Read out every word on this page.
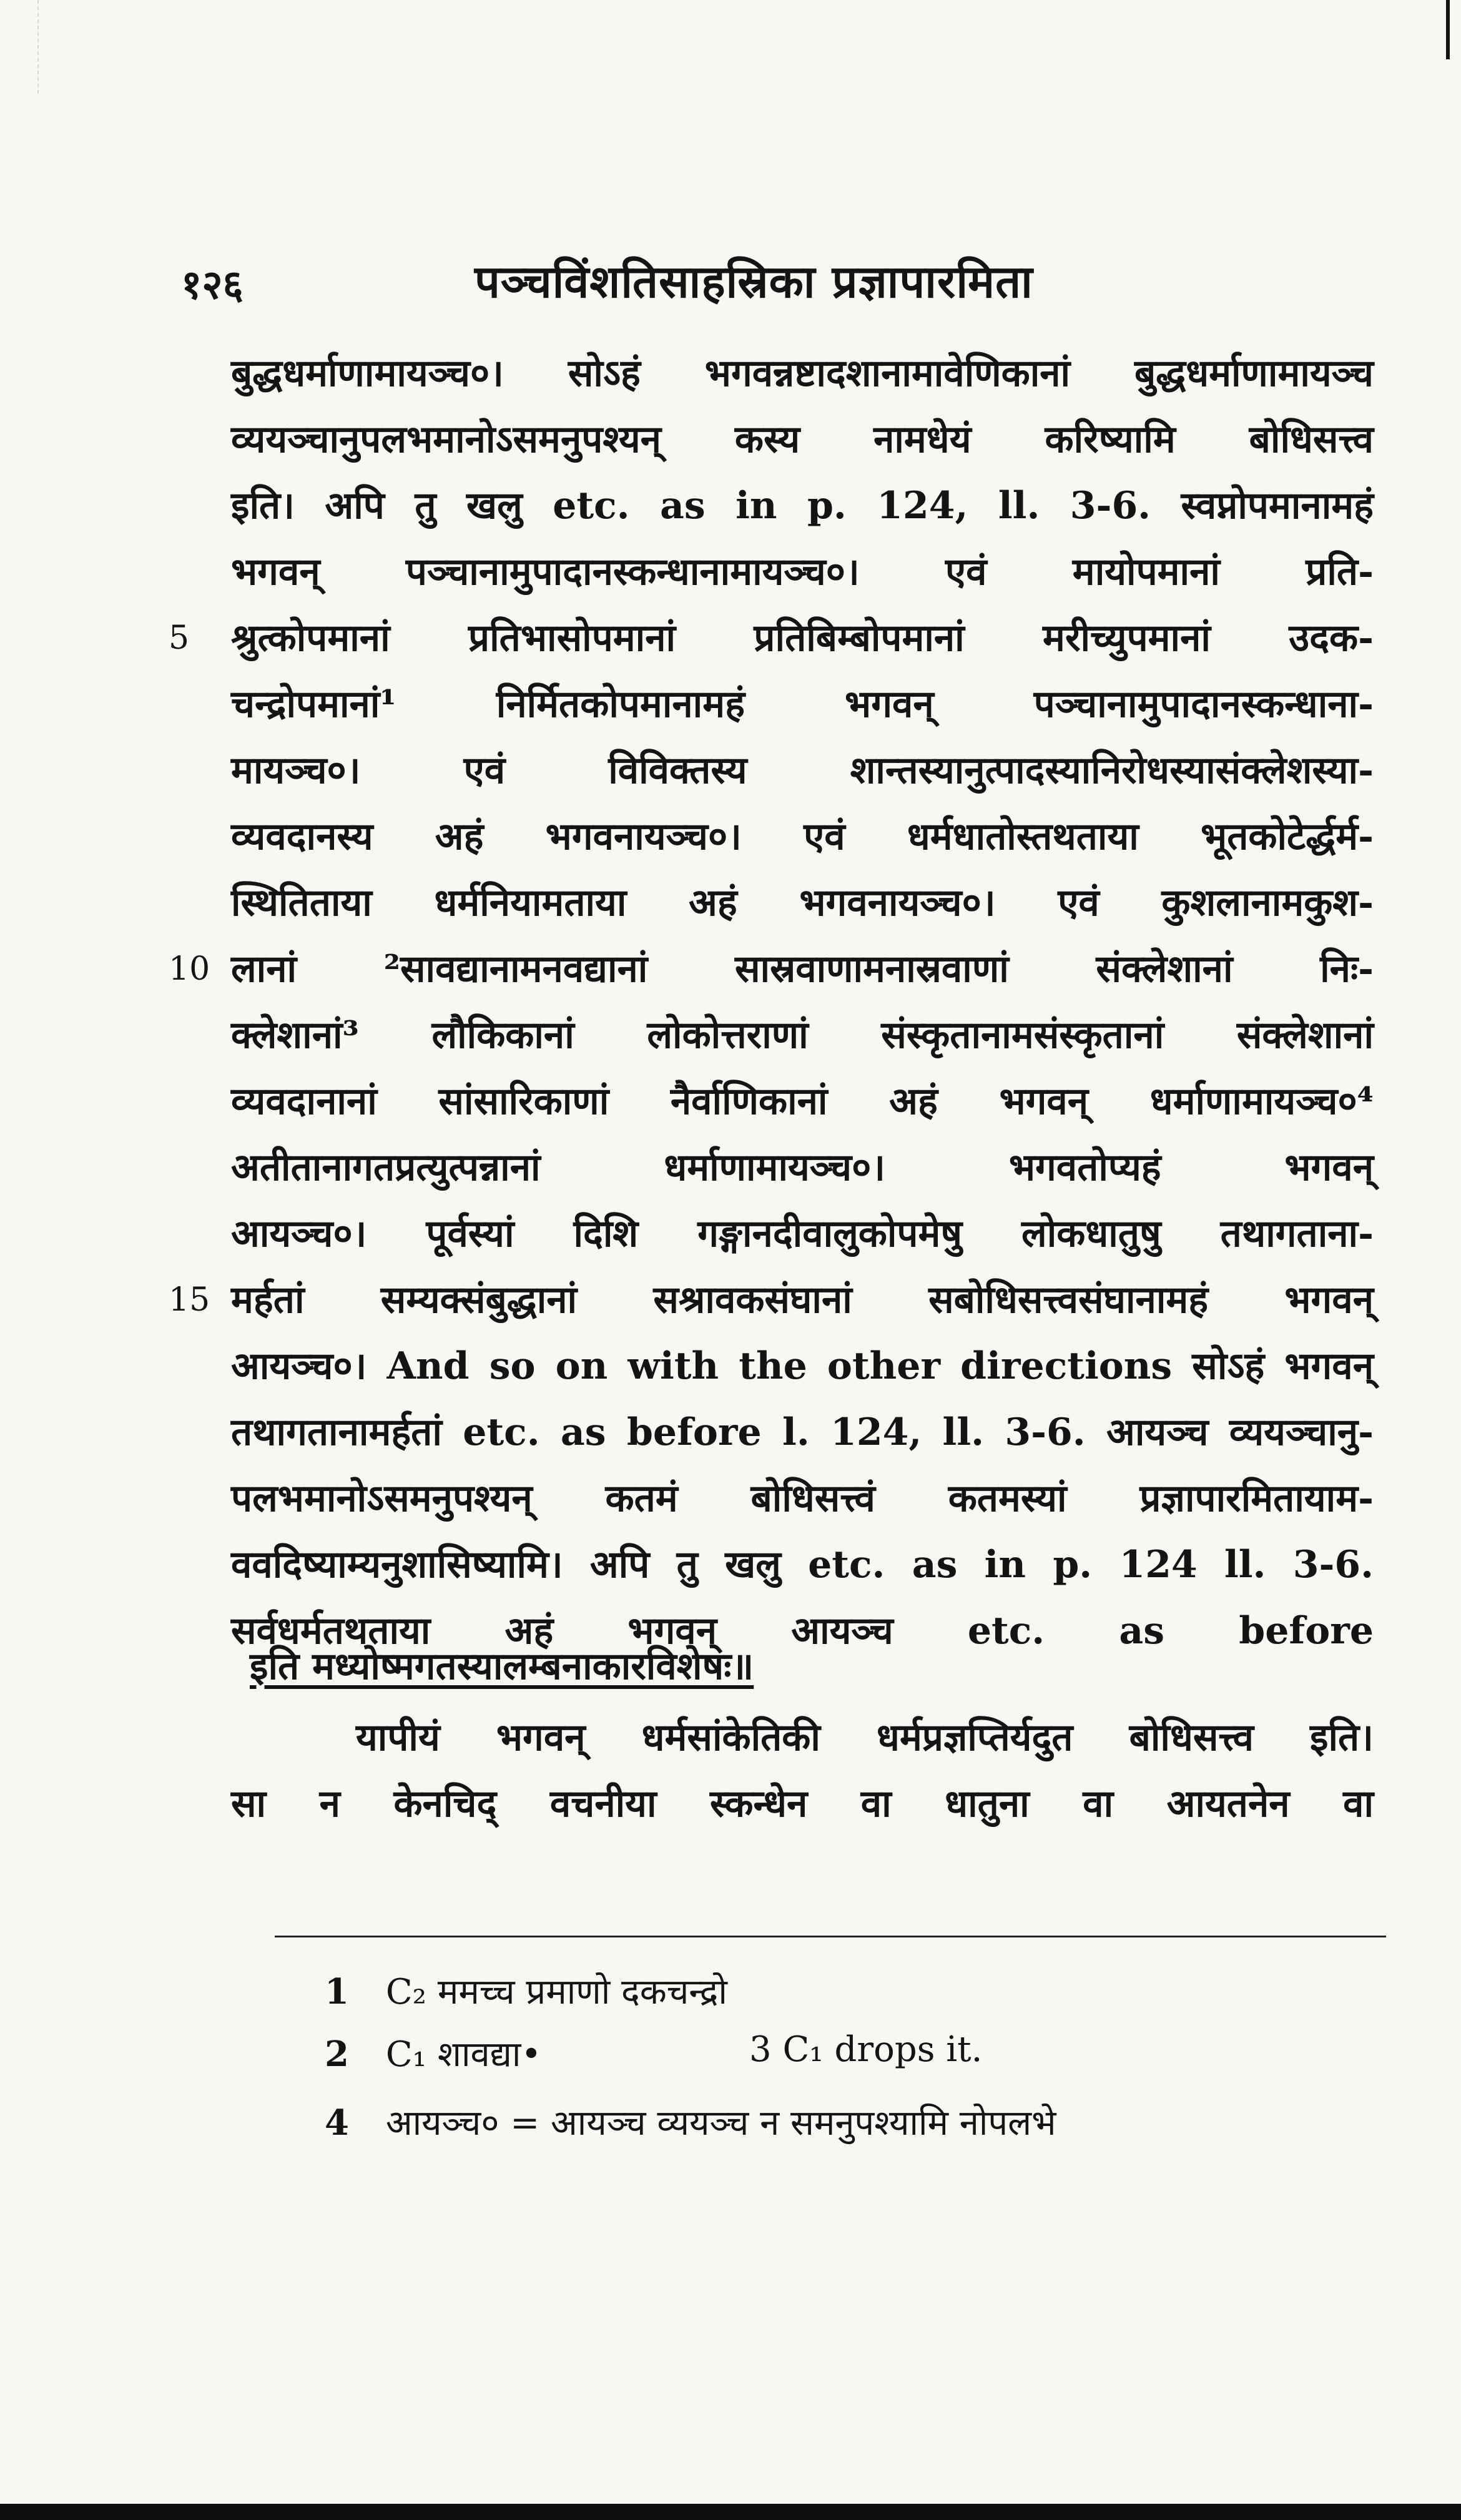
१२६	पञ्चविंशतिसाहस्रिका प्रज्ञापारमिता
बुद्धधर्माणामायञ्च०। सोऽहं भगवन्नष्टादशानामावेणिकानां बुद्धधर्माणामायञ्च
व्ययञ्चानुपलभमानोऽसमनुपश्यन् कस्य नामधेयं करिष्यामि बोधिसत्त्व
इति। अपि तु खलु etc. as in p. 124, ll. 3-6. स्वप्नोपमानामहं
भगवन् पञ्चानामुपादानस्कन्धानामायञ्च०। एवं मायोपमानां प्रति-
5 श्रुत्कोपमानां प्रतिभासोपमानां प्रतिबिम्बोपमानां मरीच्युपमानां उदक-
चन्द्रोपमानां¹ निर्मितकोपमानामहं भगवन् पञ्चानामुपादानस्कन्धाना-
मायञ्च०। एवं विविक्तस्य शान्तस्यानुत्पादस्यानिरोधस्यासंक्लेशस्या-
व्यवदानस्य अहं भगवनायञ्च०। एवं धर्मधातोस्तथताया भूतकोटेर्द्धर्म-
स्थितिताया धर्मनियामताया अहं भगवनायञ्च०। एवं कुशलानामकुश-
10 लानां ²सावद्यानामनवद्यानां सास्रवाणामनास्रवाणां संक्लेशानां निः-
क्लेशानां³ लौकिकानां लोकोत्तराणां संस्कृतानामसंस्कृतानां संक्लेशानां
व्यवदानानां सांसारिकाणां नैर्वाणिकानां अहं भगवन् धर्माणामायञ्च०⁴
अतीतानागतप्रत्युत्पन्नानां धर्माणामायञ्च०। भगवतोप्यहं भगवन्
आयञ्च०। पूर्वस्यां दिशि गङ्गानदीवालुकोपमेषु लोकधातुषु तथागताना-
15 मर्हतां सम्यक्संबुद्धानां सश्रावकसंघानां सबोधिसत्त्वसंघानामहं भगवन्
आयञ्च०। And so on with the other directions सोऽहं भगवन्
तथागतानामर्हतां etc. as before l. 124, ll. 3-6. आयञ्च व्ययञ्चानु-
पलभमानोऽसमनुपश्यन् कतमं बोधिसत्त्वं कतमस्यां प्रज्ञापारमितायाम-
ववदिष्याम्यनुशासिष्यामि। अपि तु खलु etc. as in p. 124 ll. 3-6.
सर्वधर्मतथताया अहं भगवन् आयञ्च etc. as before
इति मध्योष्मगतस्यालम्बनाकारविशेषः॥
यापीयं भगवन् धर्मसांकेतिकी धर्मप्रज्ञप्तिर्यदुत बोधिसत्त्व इति।
सा न केनचिद् वचनीया स्कन्धेन वा धातुना वा आयतनेन वा
1 C₂ ममच्च प्रमाणो दकचन्द्रो
2 C₁ शावद्या•	3 C₁ drops it.
4 आयञ्च० = आयञ्च व्ययञ्च न समनुपश्यामि नोपलभे
